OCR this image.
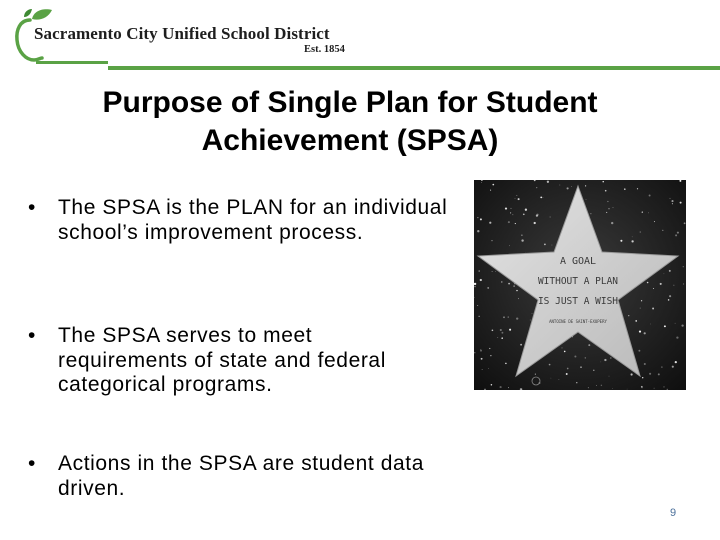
Sacramento City Unified School District
Est. 1854
Purpose of Single Plan for Student
Achievement (SPSA)
• The SPSA is the PLAN for an individual school’s improvement process.
• The SPSA serves to meet requirements of state and federal categorical programs.
• Actions in the SPSA are student data driven.
A GOAL
WITHOUT A PLAN
IS JUST A WISH
ANTOINE DE SAINT-EXUPERY
9
